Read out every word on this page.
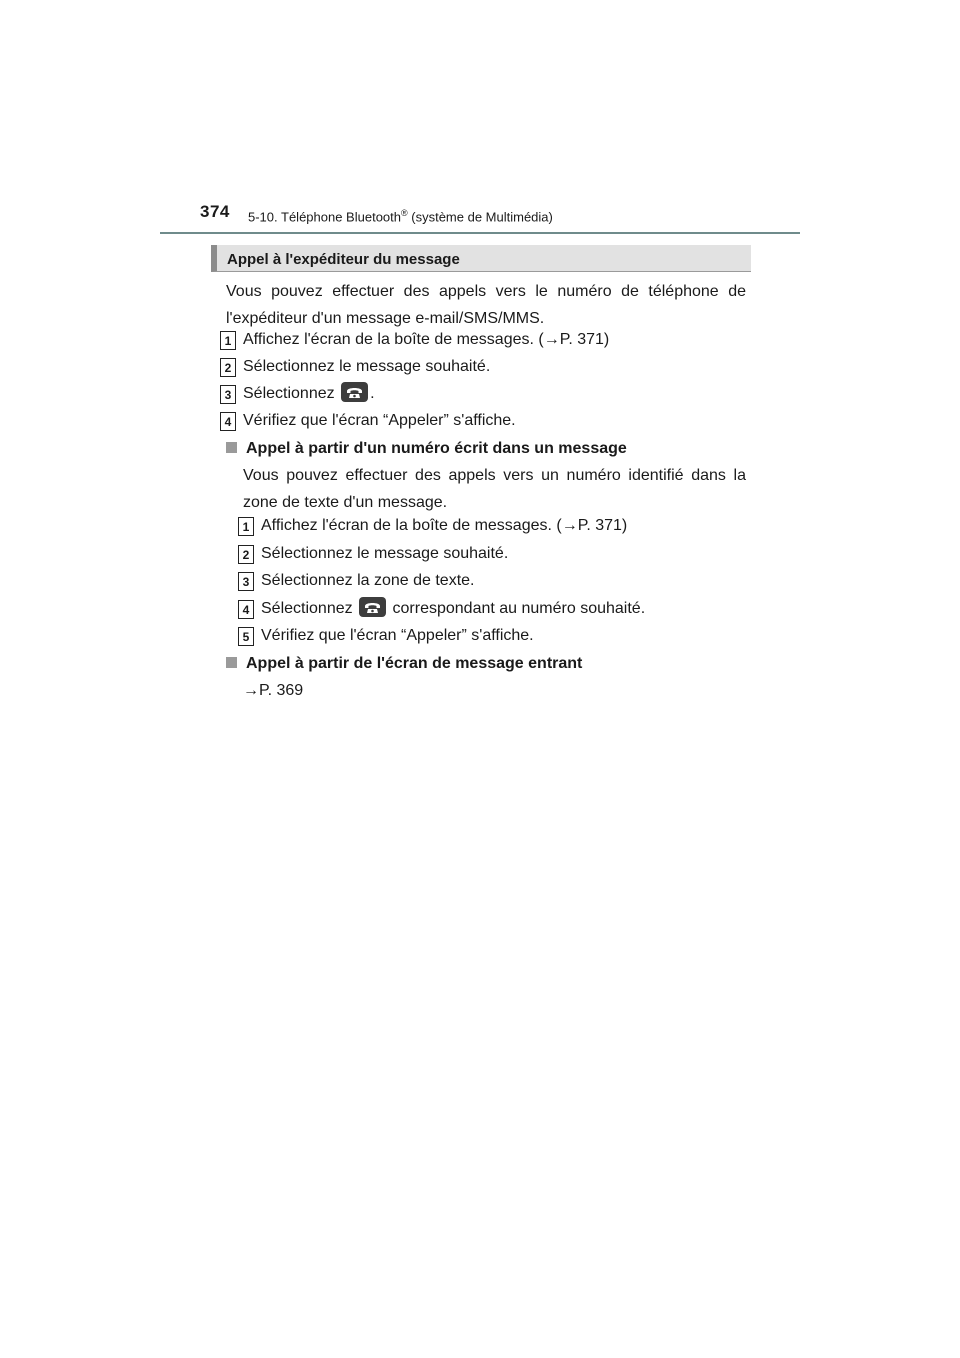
374 5-10. Téléphone Bluetooth® (système de Multimédia)
Appel à l'expéditeur du message
Vous pouvez effectuer des appels vers le numéro de téléphone de
l'expéditeur d'un message e-mail/SMS/MMS.
1 Affichez l'écran de la boîte de messages. (→P. 371)
2 Sélectionnez le message souhaité.
3 Sélectionnez .
4 Vérifiez que l'écran “Appeler” s'affiche.
Appel à partir d'un numéro écrit dans un message
Vous pouvez effectuer des appels vers un numéro identifié dans la
zone de texte d'un message.
1 Affichez l'écran de la boîte de messages. (→P. 371)
2 Sélectionnez le message souhaité.
3 Sélectionnez la zone de texte.
4 Sélectionnez correspondant au numéro souhaité.
5 Vérifiez que l'écran “Appeler” s'affiche.
Appel à partir de l'écran de message entrant
→P. 369
